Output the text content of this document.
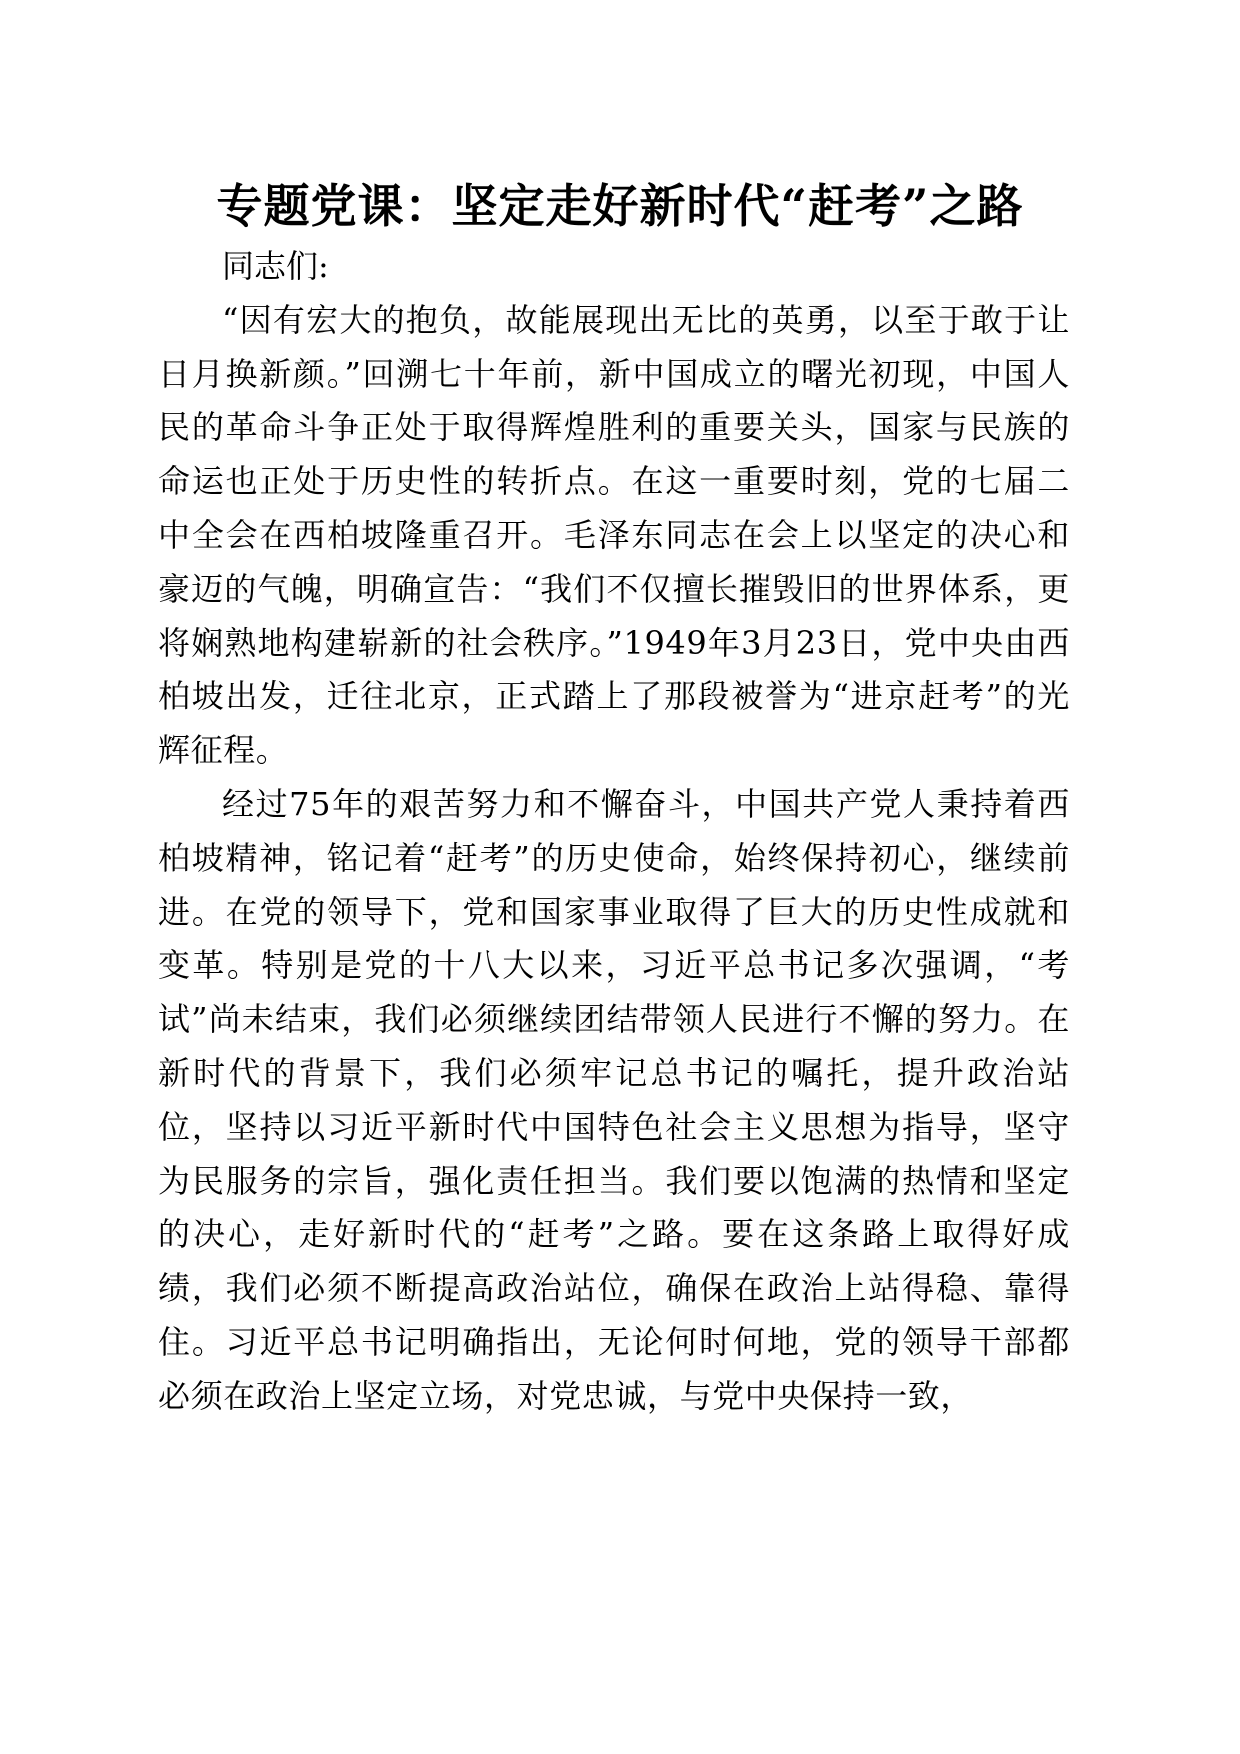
专题党课：坚定走好新时代“赶考”之路

同志们:

“因有宏大的抱负，故能展现出无比的英勇，以至于敢于让日月换新颜。”回溯七十年前，新中国成立的曙光初现，中国人民的革命斗争正处于取得辉煌胜利的重要关头，国家与民族的命运也正处于历史性的转折点。在这一重要时刻，党的七届二中全会在西柏坡隆重召开。毛泽东同志在会上以坚定的决心和豪迈的气魄，明确宣告：“我们不仅擅长摧毁旧的世界体系，更将娴熟地构建崭新的社会秩序。”1949年3月23日，党中央由西柏坡出发，迁往北京，正式踏上了那段被誉为“进京赶考”的光辉征程。

经过75年的艰苦努力和不懈奋斗，中国共产党人秉持着西柏坡精神，铭记着“赶考”的历史使命，始终保持初心，继续前进。在党的领导下，党和国家事业取得了巨大的历史性成就和变革。特别是党的十八大以来，习近平总书记多次强调，“考试”尚未结束，我们必须继续团结带领人民进行不懈的努力。在新时代的背景下，我们必须牢记总书记的嘱托，提升政治站位，坚持以习近平新时代中国特色社会主义思想为指导，坚守为民服务的宗旨，强化责任担当。我们要以饱满的热情和坚定的决心，走好新时代的“赶考”之路。要在这条路上取得好成绩，我们必须不断提高政治站位，确保在政治上站得稳、靠得住。习近平总书记明确指出，无论何时何地，党的领导干部都必须在政治上坚定立场，对党忠诚，与党中央保持一致，
